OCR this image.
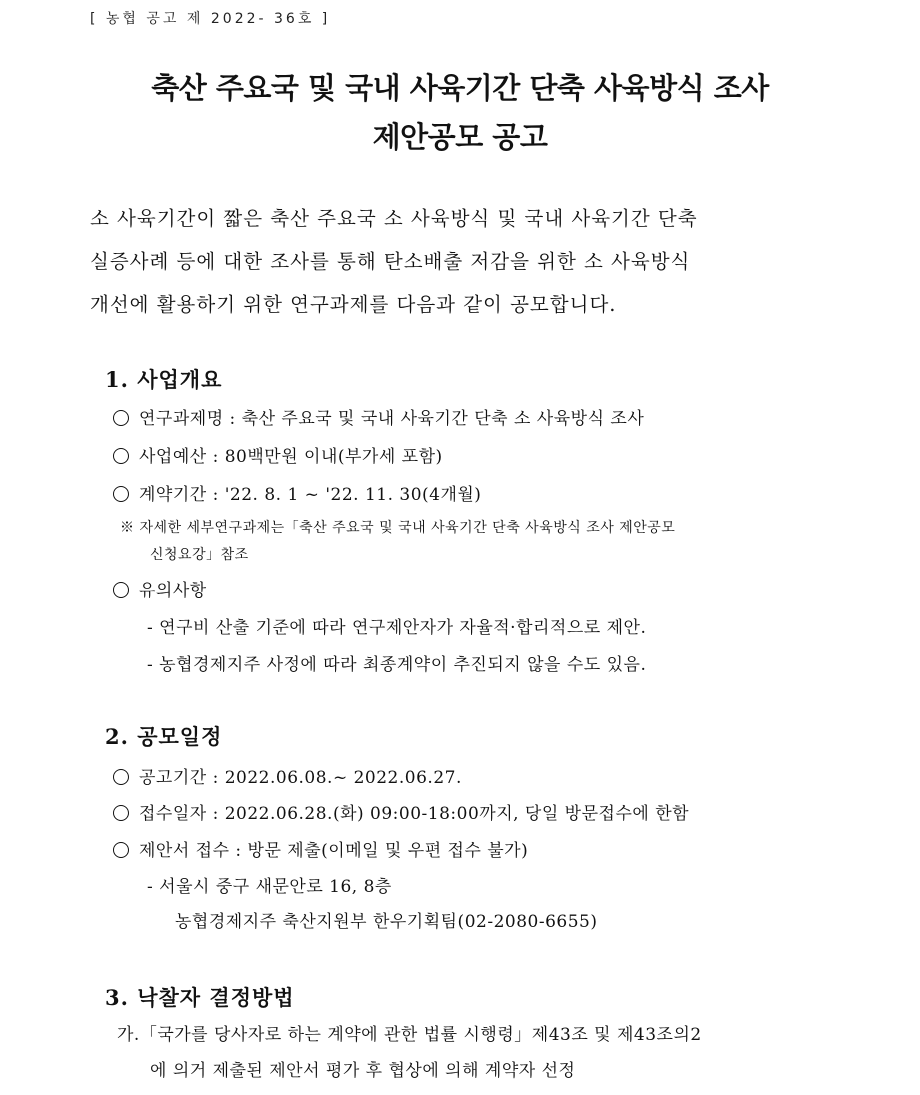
[ 농협 공고 제 2022- 36호 ]
축산 주요국 및 국내 사육기간 단축 사육방식 조사
제안공모 공고
소 사육기간이 짧은 축산 주요국 소 사육방식 및 국내 사육기간 단축
실증사례 등에 대한 조사를 통해 탄소배출 저감을 위한 소 사육방식
개선에 활용하기 위한 연구과제를 다음과 같이 공모합니다.
1. 사업개요
연구과제명 : 축산 주요국 및 국내 사육기간 단축 소 사육방식 조사
사업예산 : 80백만원 이내(부가세 포함)
계약기간 : '22. 8. 1 ~ '22. 11. 30(4개월)
※ 자세한 세부연구과제는「축산 주요국 및 국내 사육기간 단축 사육방식 조사 제안공모
신청요강」참조
유의사항
- 연구비 산출 기준에 따라 연구제안자가 자율적·합리적으로 제안.
- 농협경제지주 사정에 따라 최종계약이 추진되지 않을 수도 있음.
2. 공모일정
공고기간 : 2022.06.08.~ 2022.06.27.
접수일자 : 2022.06.28.(화) 09:00-18:00까지, 당일 방문접수에 한함
제안서 접수 : 방문 제출(이메일 및 우편 접수 불가)
- 서울시 중구 새문안로 16, 8층
농협경제지주 축산지원부 한우기획팀(02-2080-6655)
3. 낙찰자 결정방법
가.「국가를 당사자로 하는 계약에 관한 법률 시행령」제43조 및 제43조의2
에 의거 제출된 제안서 평가 후 협상에 의해 계약자 선정
